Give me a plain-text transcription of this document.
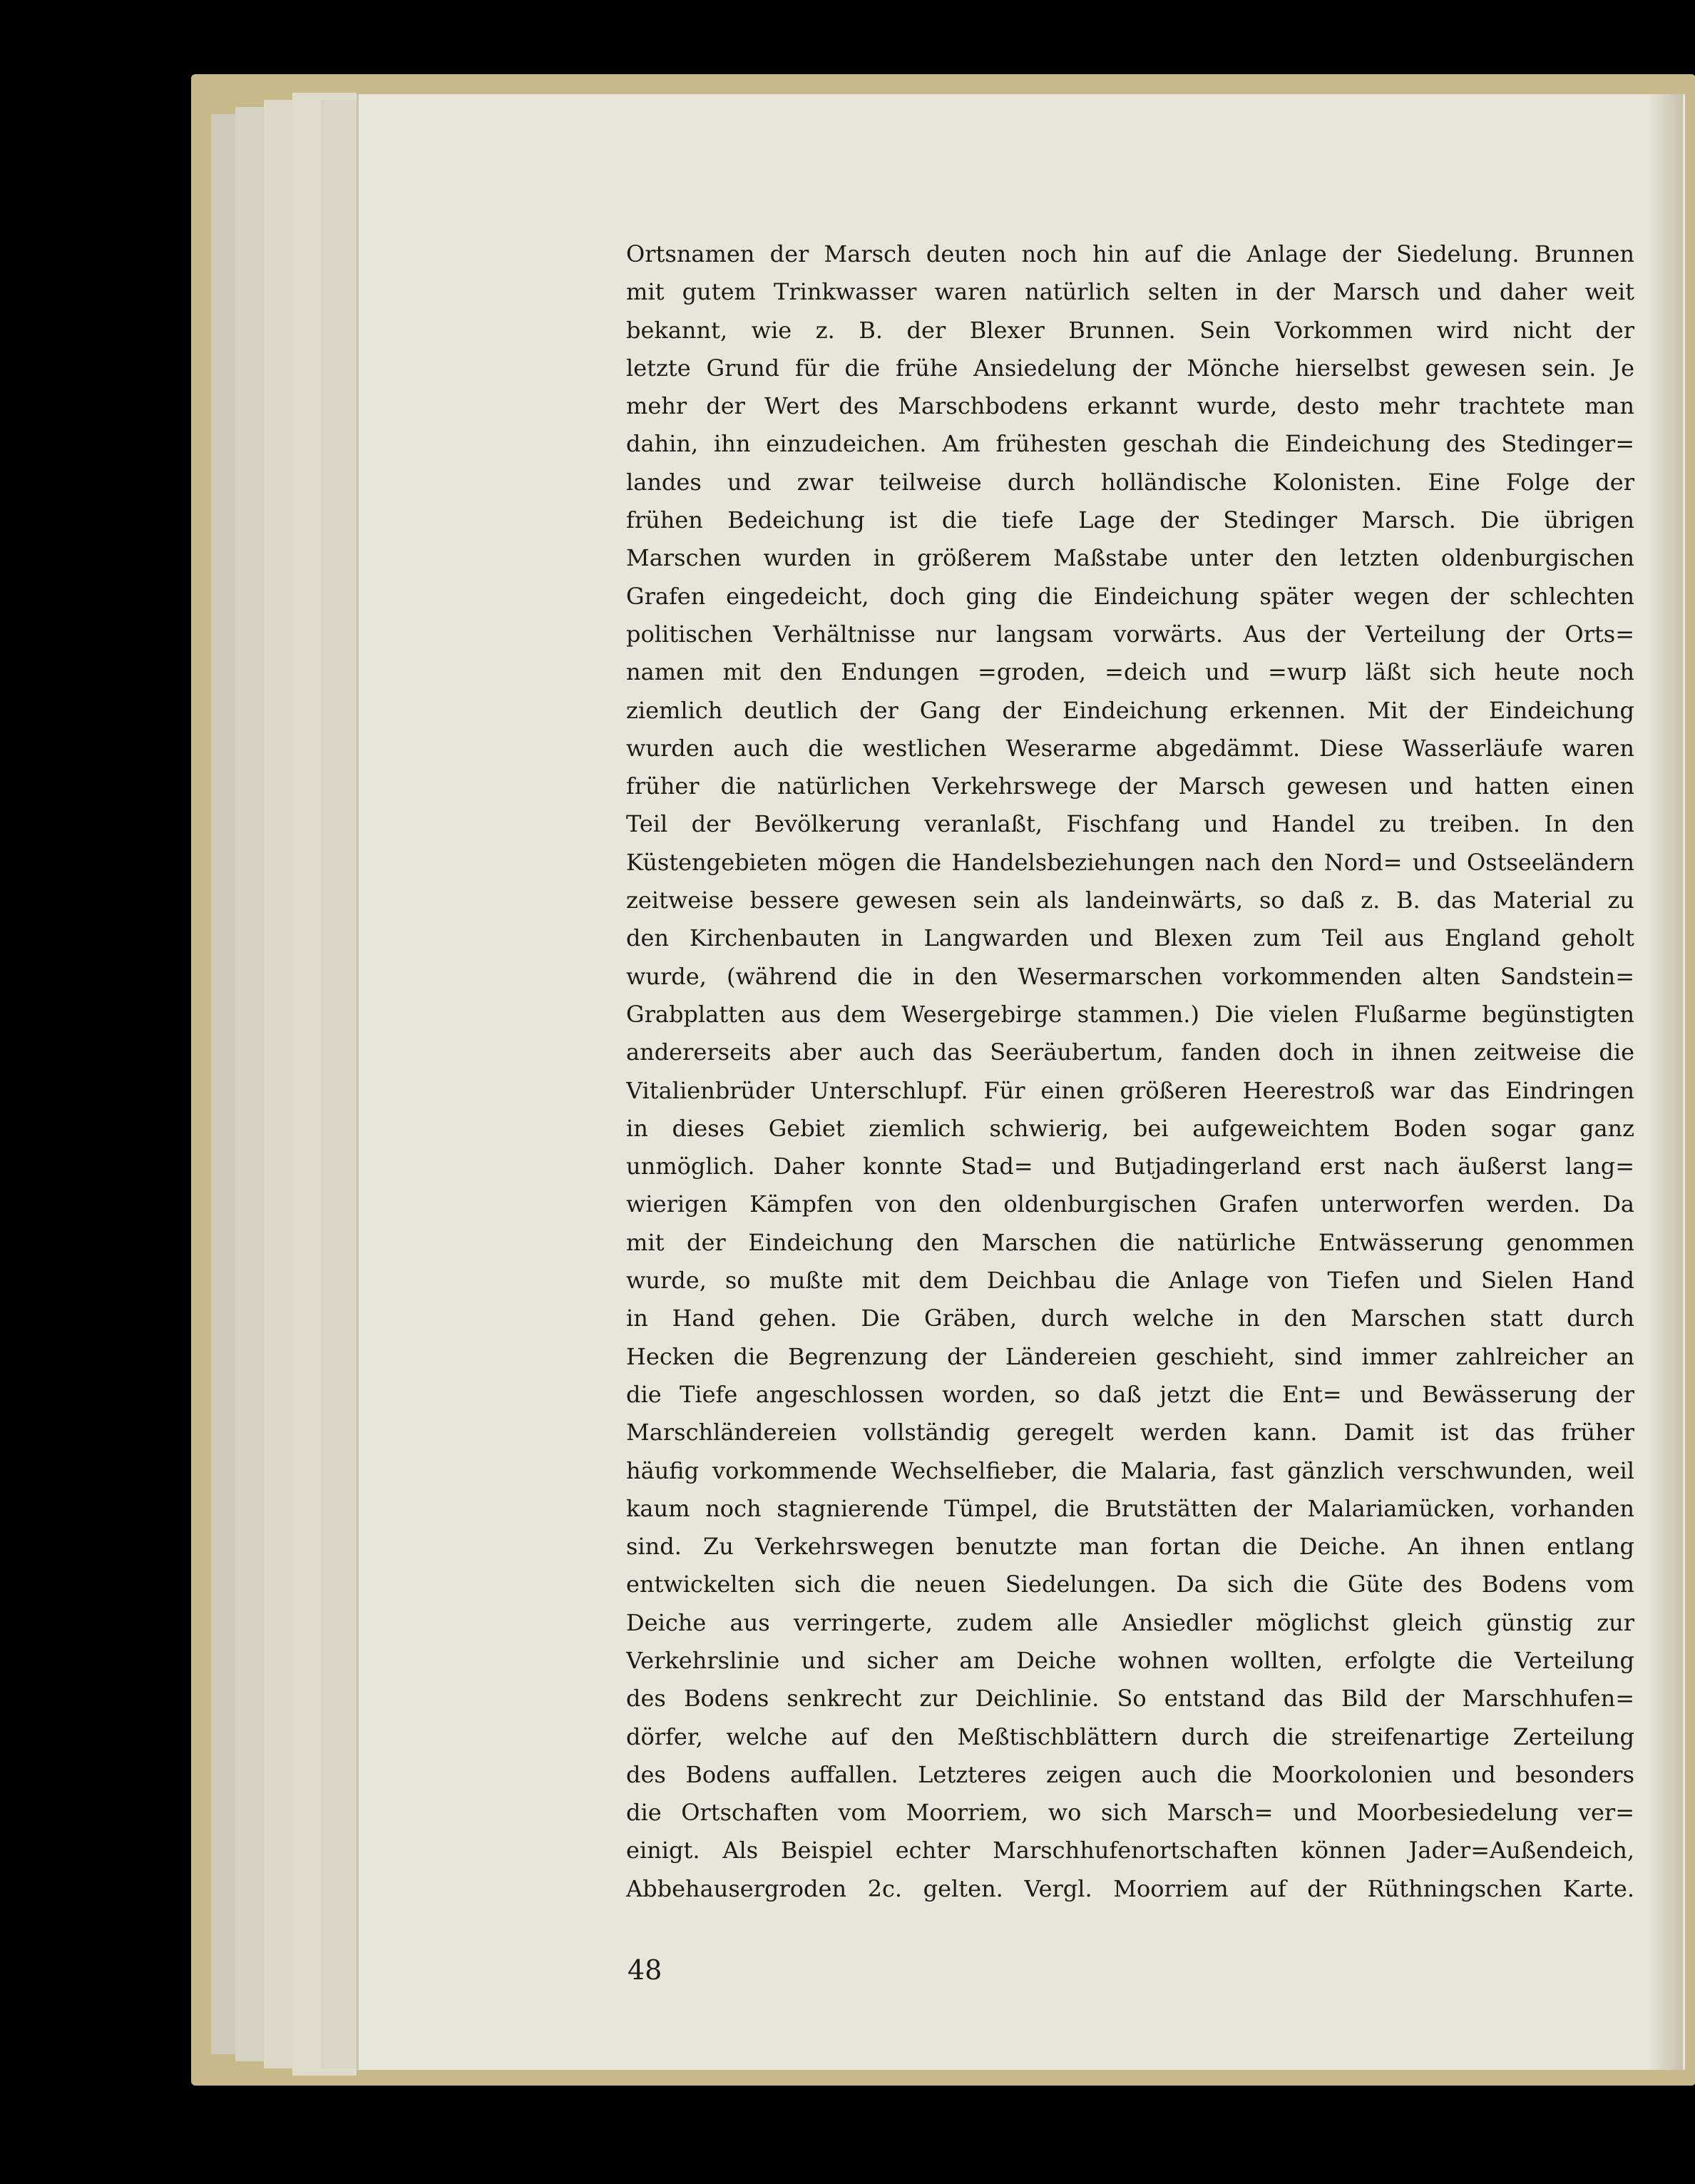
Ortsnamen der Marsch deuten noch hin auf die Anlage der Siedelung. Brunnen
mit gutem Trinkwasser waren natürlich selten in der Marsch und daher weit
bekannt, wie z. B. der Blexer Brunnen. Sein Vorkommen wird nicht der
letzte Grund für die frühe Ansiedelung der Mönche hierselbst gewesen sein. Je
mehr der Wert des Marschbodens erkannt wurde, desto mehr trachtete man
dahin, ihn einzudeichen. Am frühesten geschah die Eindeichung des Stedinger=
landes und zwar teilweise durch holländische Kolonisten. Eine Folge der
frühen Bedeichung ist die tiefe Lage der Stedinger Marsch. Die übrigen
Marschen wurden in größerem Maßstabe unter den letzten oldenburgischen
Grafen eingedeicht, doch ging die Eindeichung später wegen der schlechten
politischen Verhältnisse nur langsam vorwärts. Aus der Verteilung der Orts=
namen mit den Endungen =groden, =deich und =wurp läßt sich heute noch
ziemlich deutlich der Gang der Eindeichung erkennen. Mit der Eindeichung
wurden auch die westlichen Weserarme abgedämmt. Diese Wasserläufe waren
früher die natürlichen Verkehrswege der Marsch gewesen und hatten einen
Teil der Bevölkerung veranlaßt, Fischfang und Handel zu treiben. In den
Küstengebieten mögen die Handelsbeziehungen nach den Nord= und Ostseeländern
zeitweise bessere gewesen sein als landeinwärts, so daß z. B. das Material zu
den Kirchenbauten in Langwarden und Blexen zum Teil aus England geholt
wurde, (während die in den Wesermarschen vorkommenden alten Sandstein=
Grabplatten aus dem Wesergebirge stammen.) Die vielen Flußarme begünstigten
andererseits aber auch das Seeräubertum, fanden doch in ihnen zeitweise die
Vitalienbrüder Unterschlupf. Für einen größeren Heerestroß war das Eindringen
in dieses Gebiet ziemlich schwierig, bei aufgeweichtem Boden sogar ganz
unmöglich. Daher konnte Stad= und Butjadingerland erst nach äußerst lang=
wierigen Kämpfen von den oldenburgischen Grafen unterworfen werden. Da
mit der Eindeichung den Marschen die natürliche Entwässerung genommen
wurde, so mußte mit dem Deichbau die Anlage von Tiefen und Sielen Hand
in Hand gehen. Die Gräben, durch welche in den Marschen statt durch
Hecken die Begrenzung der Ländereien geschieht, sind immer zahlreicher an
die Tiefe angeschlossen worden, so daß jetzt die Ent= und Bewässerung der
Marschländereien vollständig geregelt werden kann. Damit ist das früher
häufig vorkommende Wechselfieber, die Malaria, fast gänzlich verschwunden, weil
kaum noch stagnierende Tümpel, die Brutstätten der Malariamücken, vorhanden
sind. Zu Verkehrswegen benutzte man fortan die Deiche. An ihnen entlang
entwickelten sich die neuen Siedelungen. Da sich die Güte des Bodens vom
Deiche aus verringerte, zudem alle Ansiedler möglichst gleich günstig zur
Verkehrslinie und sicher am Deiche wohnen wollten, erfolgte die Verteilung
des Bodens senkrecht zur Deichlinie. So entstand das Bild der Marschhufen=
dörfer, welche auf den Meßtischblättern durch die streifenartige Zerteilung
des Bodens auffallen. Letzteres zeigen auch die Moorkolonien und besonders
die Ortschaften vom Moorriem, wo sich Marsch= und Moorbesiedelung ver=
einigt. Als Beispiel echter Marschhufenortschaften können Jader=Außendeich,
Abbehausergroden 2c. gelten. Vergl. Moorriem auf der Rüthningschen Karte.
48
